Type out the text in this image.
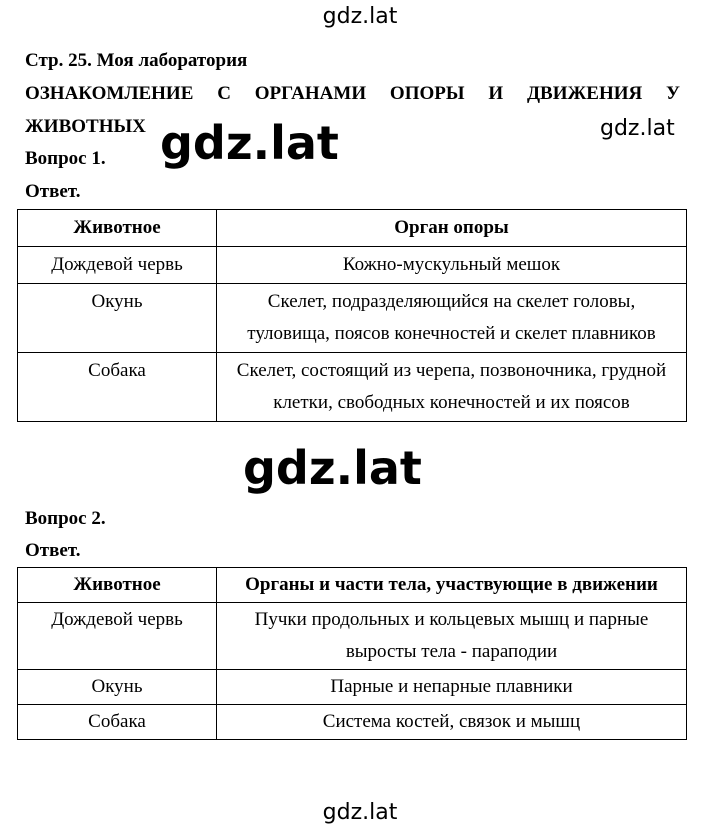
gdz.lat
Стр. 25. Моя лаборатория
ОЗНАКОМЛЕНИЕ С ОРГАНАМИ ОПОРЫ И ДВИЖЕНИЯ У
ЖИВОТНЫХ gdz.lat	gdz.lat
Вопрос 1.
Ответ.
Животное	Орган опоры
Дождевой червь	Кожно-мускульный мешок
Окунь	Скелет, подразделяющийся на скелет головы, туловища, поясов конечностей и скелет плавников
Собака	Скелет, состоящий из черепа, позвоночника, грудной клетки, свободных конечностей и их поясов
gdz.lat
Вопрос 2.
Ответ.
Животное	Органы и части тела, участвующие в движении
Дождевой червь	Пучки продольных и кольцевых мышц и парные выросты тела - параподии
Окунь	Парные и непарные плавники
Собака	Система костей, связок и мышц
gdz.lat
